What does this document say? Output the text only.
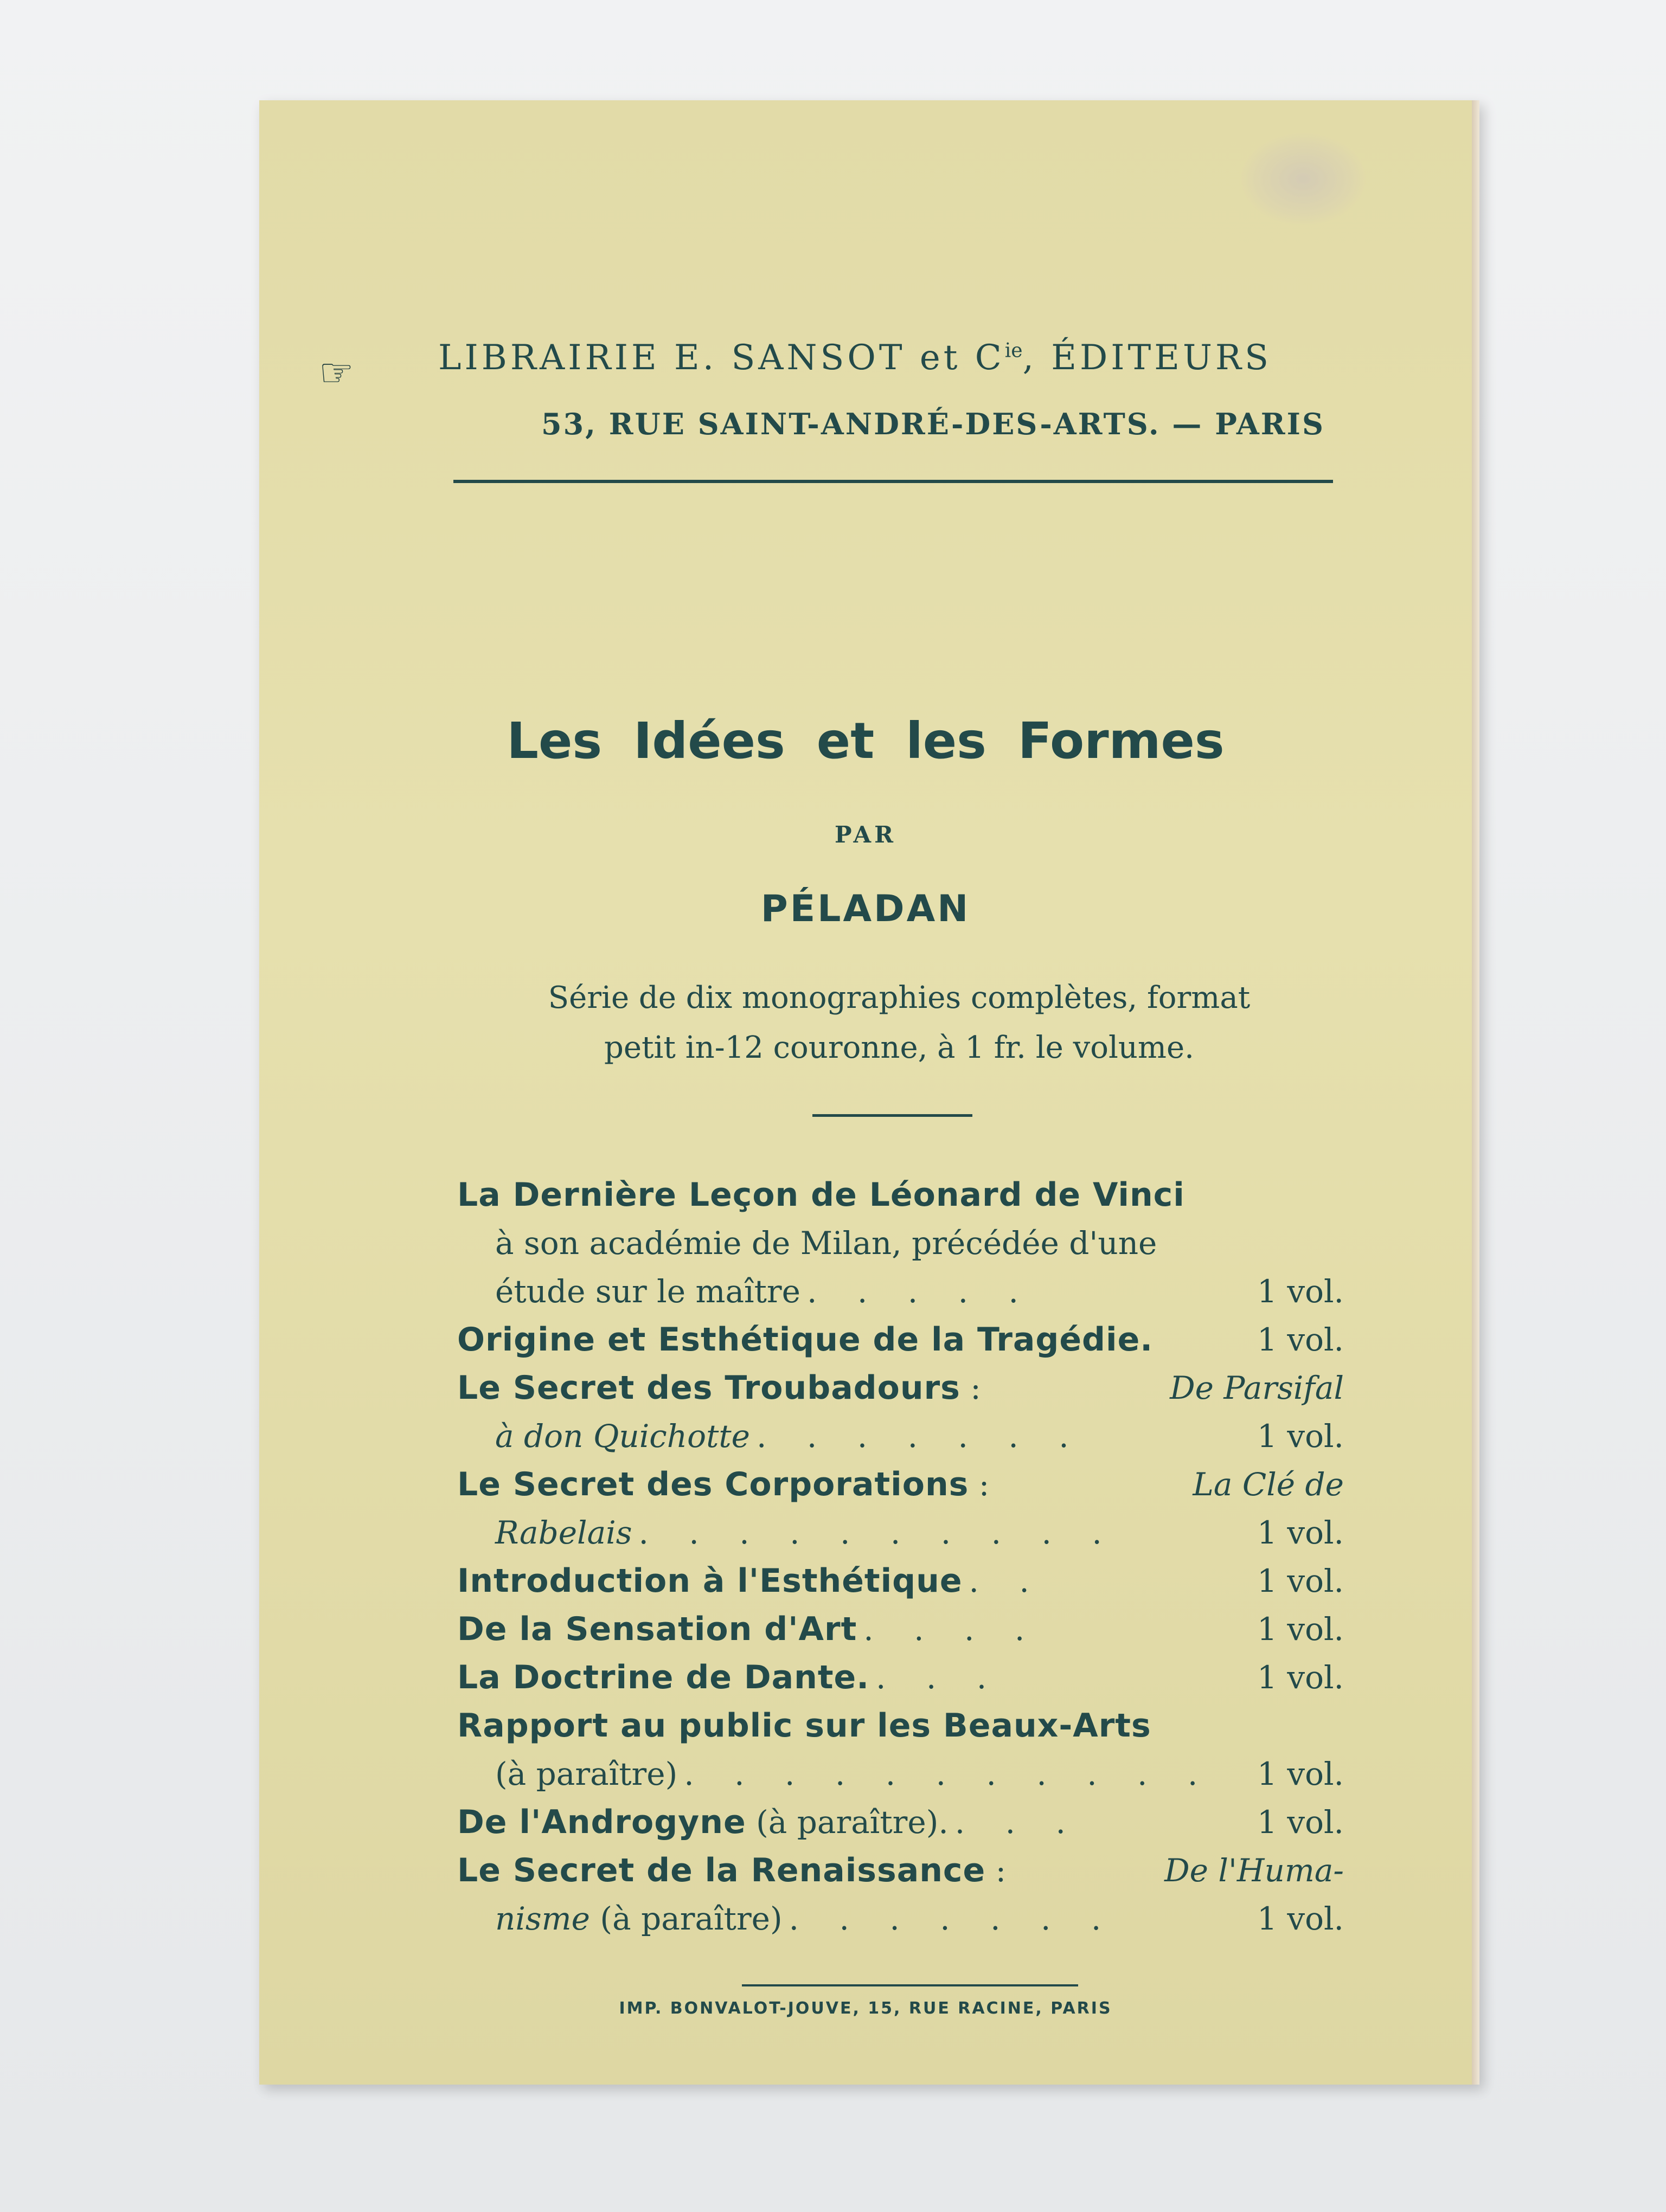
☞ LIBRAIRIE E. SANSOT et $C^{ie}$, ÉDITEURS
53, RUE SAINT-ANDRÉ-DES-ARTS. — PARIS
Les Idées et les Formes
PAR
PÉLADAN
Série de dix monographies complètes, format
petit in-12 couronne, à 1 fr. le volume.
La Dernière Leçon de Léonard de Vinci
à son académie de Milan, précédée d'une
étude sur le maître . . . . .	1 vol.
Origine et Esthétique de la Tragédie.	1 vol.
Le Secret des Troubadours :	De Parsifal
à don Quichotte . . . . . . .	1 vol.
Le Secret des Corporations :	La Clé de
Rabelais . . . . . . . . . .	1 vol.
Introduction à l'Esthétique . .	1 vol.
De la Sensation d'Art . . . .	1 vol.
La Doctrine de Dante. . . .	1 vol.
Rapport au public sur les Beaux-Arts
(à paraître) . . . . . . . . . . . 1 vol.
De l'Androgyne (à paraître). . . .	1 vol.
Le Secret de la Renaissance :	De l'Huma-
nisme (à paraître) . . . . . . .	1 vol.
IMP. BONVALOT-JOUVE, 15, RUE RACINE, PARIS
